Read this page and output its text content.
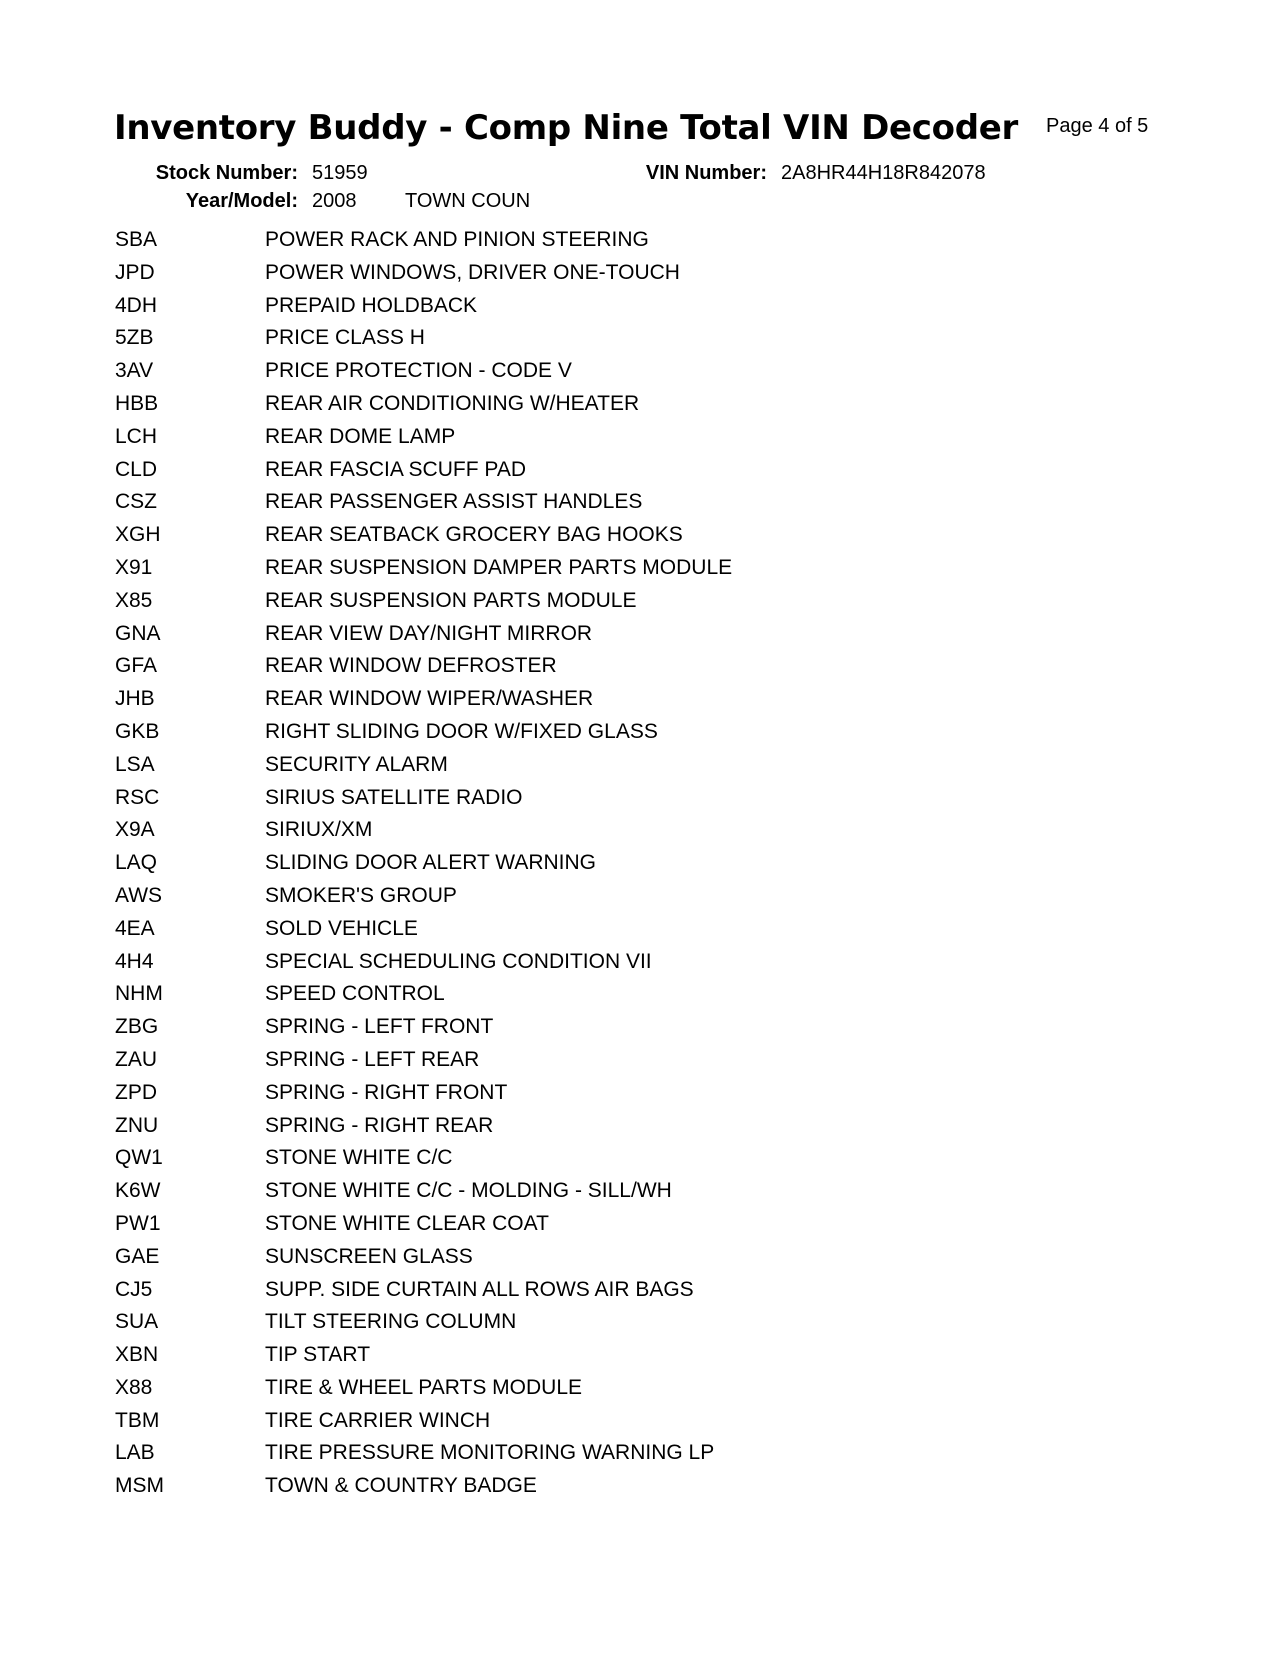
Inventory Buddy - Comp Nine Total VIN Decoder Page 4 of 5
Stock Number: 51959
Year/Model: 2008 TOWN COUN
VIN Number: 2A8HR44H18R842078
SBA	POWER RACK AND PINION STEERING
JPD	POWER WINDOWS, DRIVER ONE-TOUCH
4DH	PREPAID HOLDBACK
5ZB	PRICE CLASS H
3AV	PRICE PROTECTION - CODE V
HBB	REAR AIR CONDITIONING W/HEATER
LCH	REAR DOME LAMP
CLD	REAR FASCIA SCUFF PAD
CSZ	REAR PASSENGER ASSIST HANDLES
XGH	REAR SEATBACK GROCERY BAG HOOKS
X91	REAR SUSPENSION DAMPER PARTS MODULE
X85	REAR SUSPENSION PARTS MODULE
GNA	REAR VIEW DAY/NIGHT MIRROR
GFA	REAR WINDOW DEFROSTER
JHB	REAR WINDOW WIPER/WASHER
GKB	RIGHT SLIDING DOOR W/FIXED GLASS
LSA	SECURITY ALARM
RSC	SIRIUS SATELLITE RADIO
X9A	SIRIUX/XM
LAQ	SLIDING DOOR ALERT WARNING
AWS	SMOKER'S GROUP
4EA	SOLD VEHICLE
4H4	SPECIAL SCHEDULING CONDITION VII
NHM	SPEED CONTROL
ZBG	SPRING - LEFT FRONT
ZAU	SPRING - LEFT REAR
ZPD	SPRING - RIGHT FRONT
ZNU	SPRING - RIGHT REAR
QW1	STONE WHITE C/C
K6W	STONE WHITE C/C - MOLDING - SILL/WH
PW1	STONE WHITE CLEAR COAT
GAE	SUNSCREEN GLASS
CJ5	SUPP. SIDE CURTAIN ALL ROWS AIR BAGS
SUA	TILT STEERING COLUMN
XBN	TIP START
X88	TIRE & WHEEL PARTS MODULE
TBM	TIRE CARRIER WINCH
LAB	TIRE PRESSURE MONITORING WARNING LP
MSM	TOWN & COUNTRY BADGE
